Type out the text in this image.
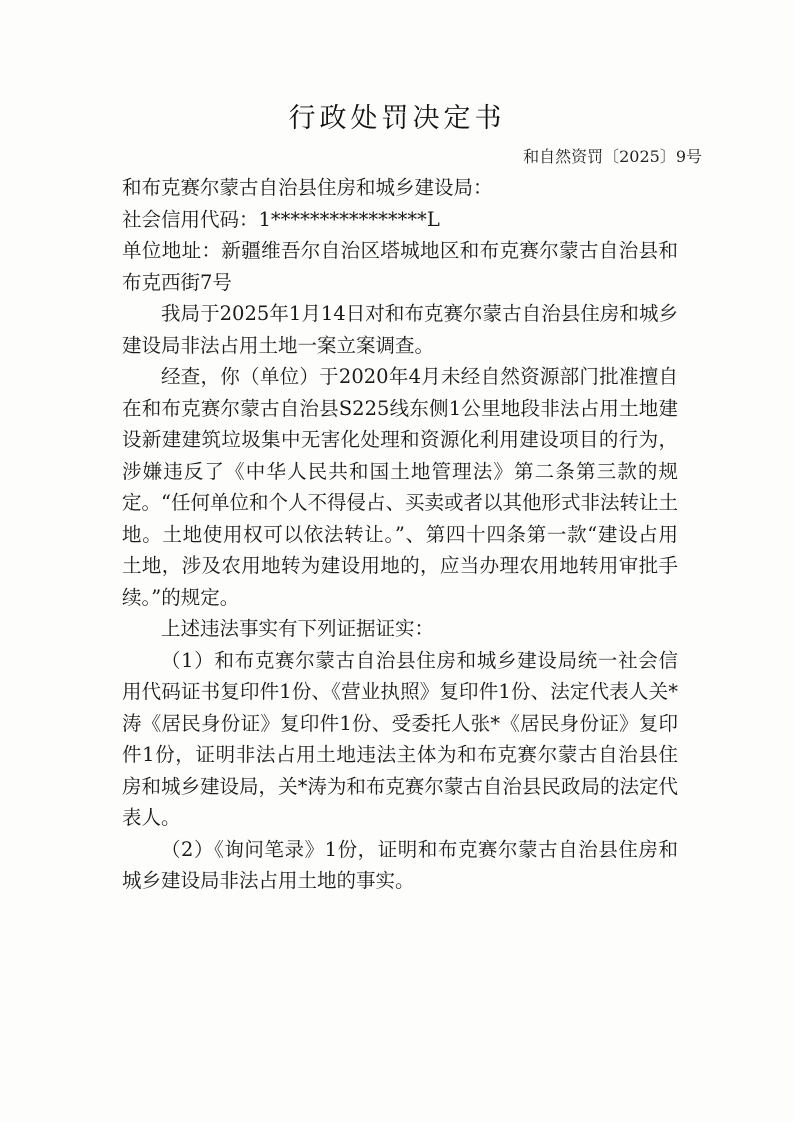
行政处罚决定书
和自然资罚〔2025〕9号

和布克赛尔蒙古自治县住房和城乡建设局：

社会信用代码：1****************L

单位地址：新疆维吾尔自治区塔城地区和布克赛尔蒙古自治县和布克西街7号

我局于2025年1月14日对和布克赛尔蒙古自治县住房和城乡建设局非法占用土地一案立案调查。

经查，你（单位）于2020年4月未经自然资源部门批准擅自在和布克赛尔蒙古自治县S225线东侧1公里地段非法占用土地建设新建建筑垃圾集中无害化处理和资源化利用建设项目的行为，涉嫌违反了《中华人民共和国土地管理法》第二条第三款的规定。“任何单位和个人不得侵占、买卖或者以其他形式非法转让土地。土地使用权可以依法转让。”、第四十四条第一款“建设占用土地，涉及农用地转为建设用地的，应当办理农用地转用审批手续。”的规定。

上述违法事实有下列证据证实：

（1）和布克赛尔蒙古自治县住房和城乡建设局统一社会信用代码证书复印件1份、《营业执照》复印件1份、法定代表人关*涛《居民身份证》复印件1份、受委托人张*《居民身份证》复印件1份，证明非法占用土地违法主体为和布克赛尔蒙古自治县住房和城乡建设局，关*涛为和布克赛尔蒙古自治县民政局的法定代表人。

（2）《询问笔录》1份，证明和布克赛尔蒙古自治县住房和城乡建设局非法占用土地的事实。
